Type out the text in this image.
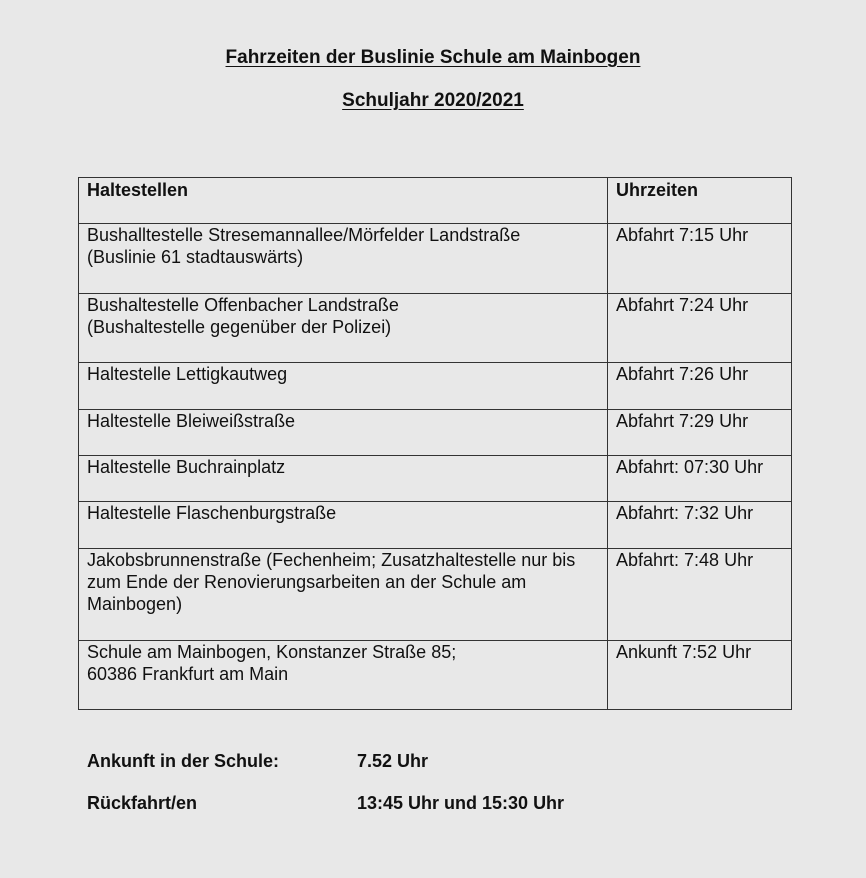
Fahrzeiten der Buslinie Schule am Mainbogen
Schuljahr 2020/2021
Haltestellen	Uhrzeiten

Bushalltestelle Stresemannallee/Mörfelder Landstraße
(Buslinie 61 stadtauswärts)	Abfahrt 7:15 Uhr

Bushaltestelle Offenbacher Landstraße
(Bushaltestelle gegenüber der Polizei)	Abfahrt 7:24 Uhr

Haltestelle Lettigkautweg	Abfahrt 7:26 Uhr

Haltestelle Bleiweißstraße	Abfahrt 7:29 Uhr

Haltestelle Buchrainplatz	Abfahrt: 07:30 Uhr

Haltestelle Flaschenburgstraße	Abfahrt: 7:32 Uhr
Jakobsbrunnenstraße (Fechenheim; Zusatzhaltestelle nur bis zum Ende der Renovierungsarbeiten an der Schule am Mainbogen)	Abfahrt: 7:48 Uhr

Schule am Mainbogen, Konstanzer Straße 85;
60386 Frankfurt am Main	Ankunft 7:52 Uhr
Ankunft in der Schule:	7.52 Uhr
Rückfahrt/en	13:45 Uhr und 15:30 Uhr
